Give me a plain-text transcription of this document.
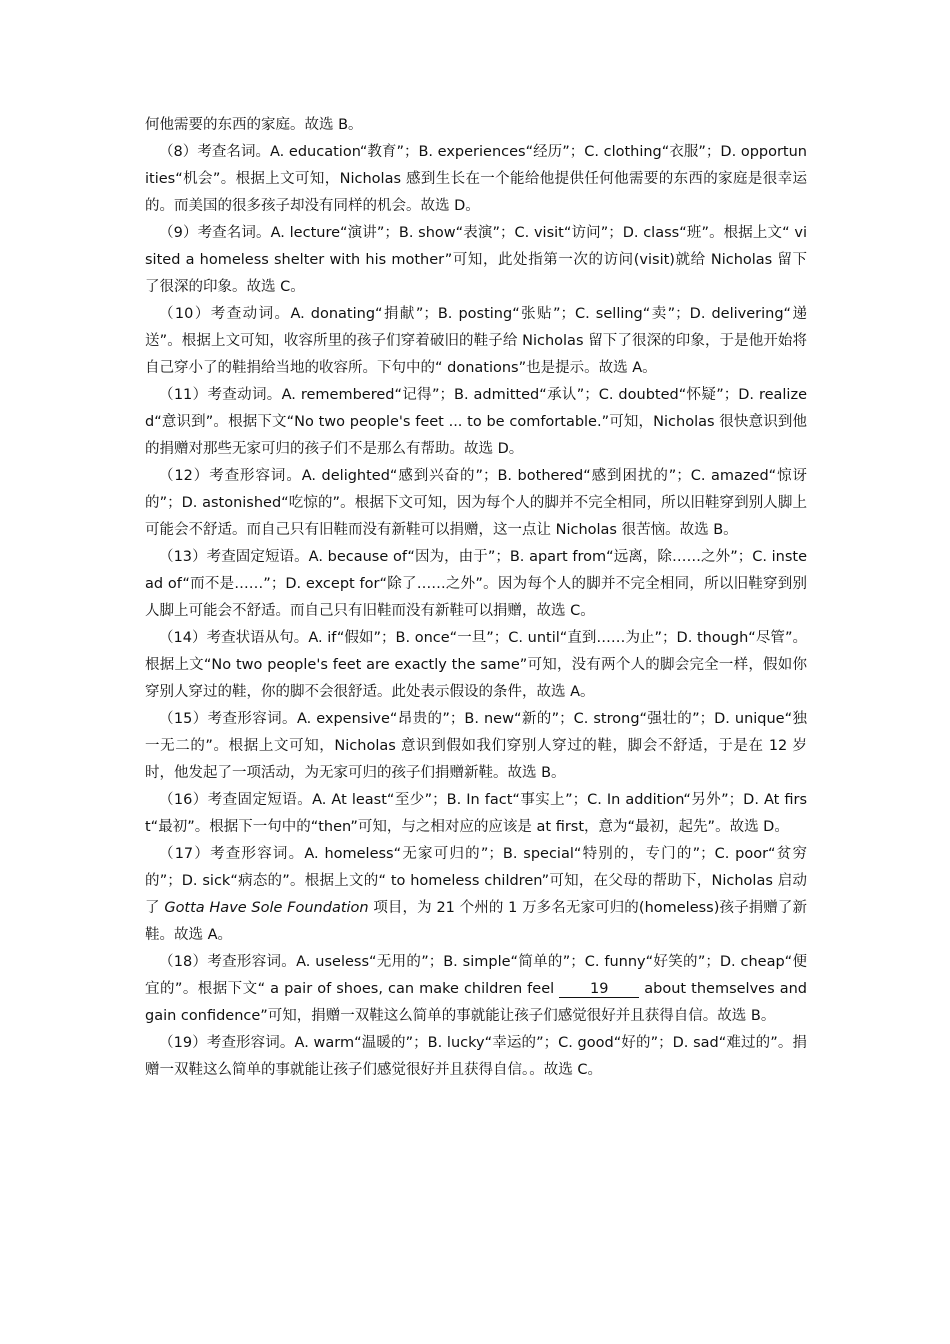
何他需要的东西的家庭。故选 B。

（8）考查名词。A. education“教育”；B. experiences“经历”；C. clothing“衣服”；D. opportunities“机会”。根据上文可知，Nicholas 感到生长在一个能给他提供任何他需要的东西的家庭是很幸运的。而美国的很多孩子却没有同样的机会。故选 D。

（9）考查名词。A. lecture“演讲”；B. show“表演”；C. visit“访问”；D. class“班”。根据上文“ visited a homeless shelter with his mother”可知，此处指第一次的访问(visit)就给 Nicholas 留下了很深的印象。故选 C。

（10）考查动词。A. donating“捐献”；B. posting“张贴”；C. selling“卖”；D. delivering“递送”。根据上文可知，收容所里的孩子们穿着破旧的鞋子给 Nicholas 留下了很深的印象，于是他开始将自己穿小了的鞋捐给当地的收容所。下句中的“ donations”也是提示。故选 A。

（11）考查动词。A. remembered“记得”；B. admitted“承认”；C. doubted“怀疑”；D. realized“意识到”。根据下文“No two people's feet ... to be comfortable.”可知，Nicholas 很快意识到他的捐赠对那些无家可归的孩子们不是那么有帮助。故选 D。

（12）考查形容词。A. delighted“感到兴奋的”；B. bothered“感到困扰的”；C. amazed“惊讶的”；D. astonished“吃惊的”。根据下文可知，因为每个人的脚并不完全相同，所以旧鞋穿到别人脚上可能会不舒适。而自己只有旧鞋而没有新鞋可以捐赠，这一点让 Nicholas 很苦恼。故选 B。

（13）考查固定短语。A. because of“因为，由于”；B. apart from“远离，除……之外”；C. instead of“而不是……”；D. except for“除了……之外”。因为每个人的脚并不完全相同，所以旧鞋穿到别人脚上可能会不舒适。而自己只有旧鞋而没有新鞋可以捐赠，故选 C。

（14）考查状语从句。A. if“假如”；B. once“一旦”；C. until“直到……为止”；D. though“尽管”。根据上文“No two people's feet are exactly the same”可知，没有两个人的脚会完全一样，假如你穿别人穿过的鞋，你的脚不会很舒适。此处表示假设的条件，故选 A。

（15）考查形容词。A. expensive“昂贵的”；B. new“新的”；C. strong“强壮的”；D. unique“独一无二的”。根据上文可知，Nicholas 意识到假如我们穿别人穿过的鞋，脚会不舒适，于是在 12 岁时，他发起了一项活动，为无家可归的孩子们捐赠新鞋。故选 B。

（16）考查固定短语。A. At least“至少”；B. In fact“事实上”；C. In addition“另外”；D. At first“最初”。根据下一句中的“then”可知，与之相对应的应该是 at first，意为“最初，起先”。故选 D。

（17）考查形容词。A. homeless“无家可归的”；B. special“特别的，专门的”；C. poor“贫穷的”；D. sick“病态的”。根据上文的“ to homeless children”可知，在父母的帮助下，Nicholas 启动了 Gotta Have Sole Foundation 项目，为 21 个州的 1 万多名无家可归的(homeless)孩子捐赠了新鞋。故选 A。

（18）考查形容词。A. useless“无用的”；B. simple“简单的”；C. funny“好笑的”；D. cheap“便宜的”。根据下文“ a pair of shoes, can make children feel 19 about themselves and gain confidence”可知，捐赠一双鞋这么简单的事就能让孩子们感觉很好并且获得自信。故选 B。

（19）考查形容词。A. warm“温暖的”；B. lucky“幸运的”；C. good“好的”；D. sad“难过的”。捐赠一双鞋这么简单的事就能让孩子们感觉很好并且获得自信。。故选 C。
